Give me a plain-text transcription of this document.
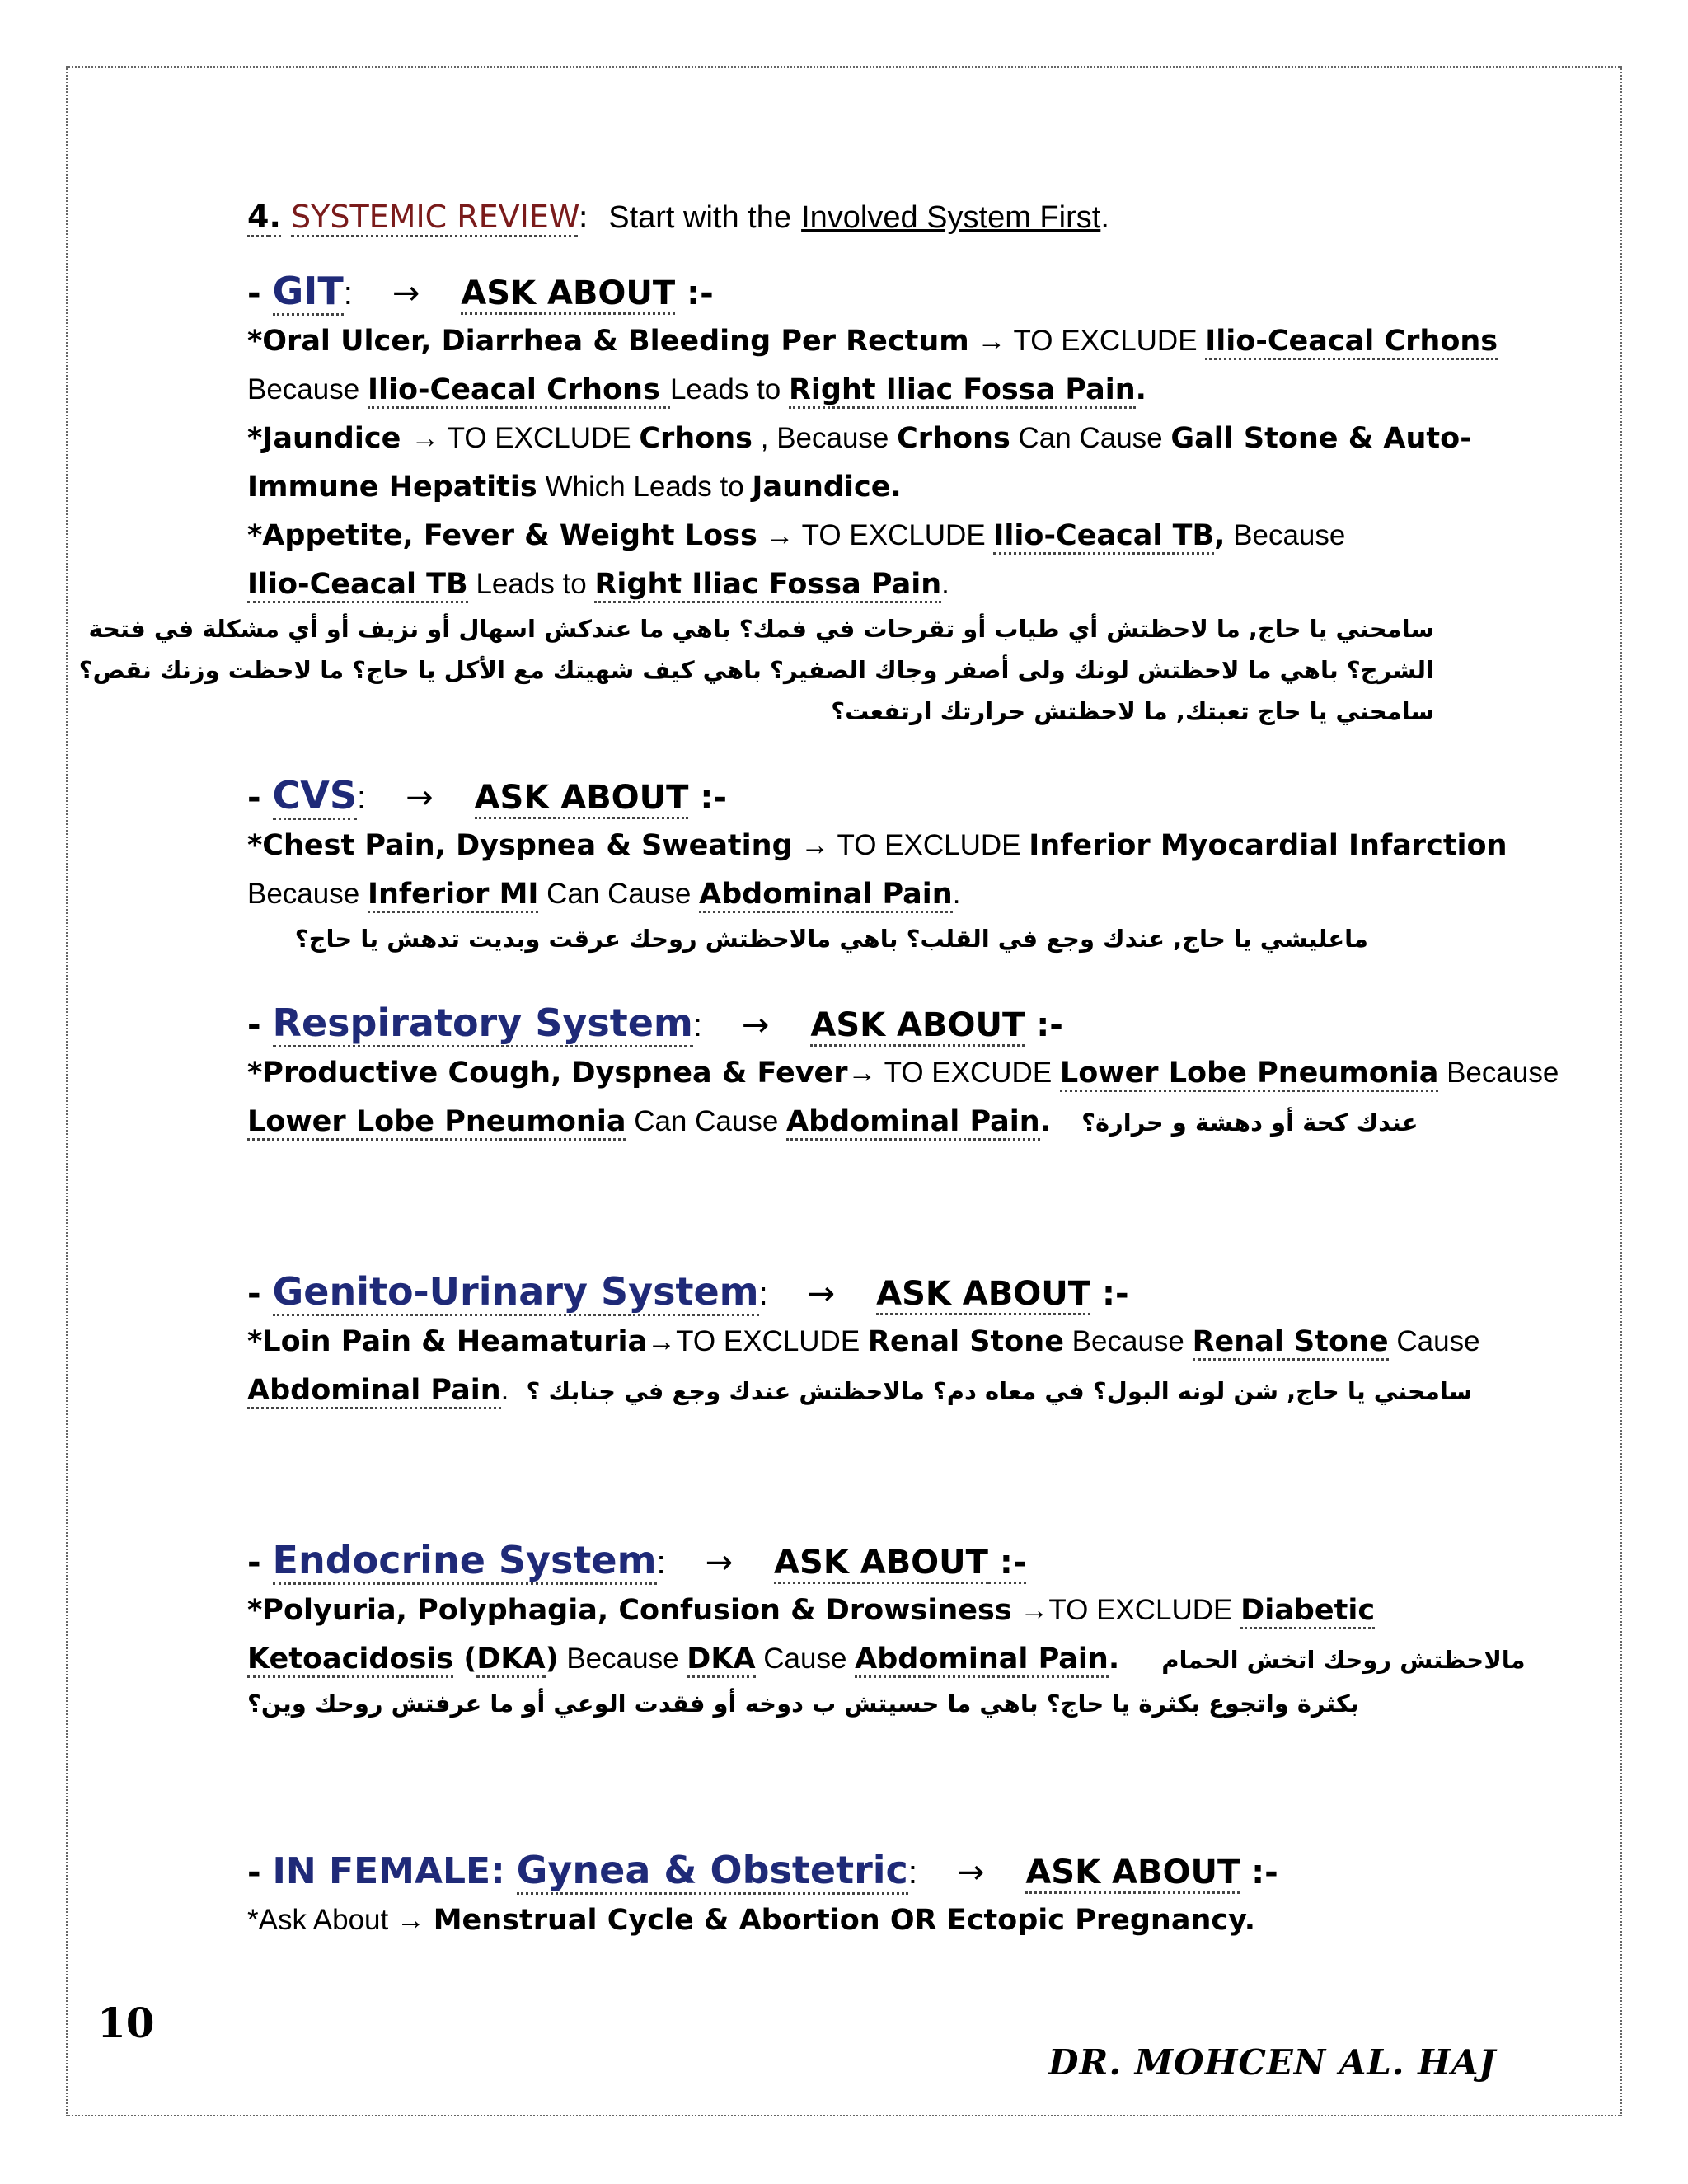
4. SYSTEMIC REVIEW: Start with the Involved System First.
- GIT: → ASK ABOUT :-
*Oral Ulcer, Diarrhea & Bleeding Per Rectum → TO EXCLUDE Ilio-Ceacal Crhons
Because Ilio-Ceacal Crhons Leads to Right Iliac Fossa Pain.
*Jaundice → TO EXCLUDE Crhons , Because Crhons Can Cause Gall Stone & Auto-
Immune Hepatitis Which Leads to Jaundice.
*Appetite, Fever & Weight Loss → TO EXCLUDE Ilio-Ceacal TB, Because
Ilio-Ceacal TB Leads to Right Iliac Fossa Pain.
سامحني يا حاج, ما لاحظتش أي طياب أو تقرحات في فمك؟ باهي ما عندكش اسهال أو نزيف أو أي مشكلة في فتحة
الشرج؟ باهي ما لاحظتش لونك ولى أصفر وجاك الصفير؟ باهي كيف شهيتك مع الأكل يا حاج؟ ما لاحظت وزنك نقص؟
سامحني يا حاج تعبتك, ما لاحظتش حرارتك ارتفعت؟
- CVS: → ASK ABOUT :-
*Chest Pain, Dyspnea & Sweating → TO EXCLUDE Inferior Myocardial Infarction
Because Inferior MI Can Cause Abdominal Pain.
ماعليشي يا حاج, عندك وجع في القلب؟ باهي مالاحظتش روحك عرقت وبديت تدهش يا حاج؟
- Respiratory System: → ASK ABOUT :-
*Productive Cough, Dyspnea & Fever→ TO EXCUDE Lower Lobe Pneumonia Because
Lower Lobe Pneumonia Can Cause Abdominal Pain. عندك كحة أو دهشة و حرارة؟
- Genito-Urinary System: → ASK ABOUT :-
*Loin Pain & Heamaturia→TO EXCLUDE Renal Stone Because Renal Stone Cause
Abdominal Pain. سامحني يا حاج, شن لونه البول؟ في معاه دم؟ مالاحظتش عندك وجع في جنابك ؟
- Endocrine System: → ASK ABOUT :-
*Polyuria, Polyphagia, Confusion & Drowsiness →TO EXCLUDE Diabetic
Ketoacidosis (DKA) Because DKA Cause Abdominal Pain. مالاحظتش روحك اتخش الحمام
بكثرة واتجوع بكثرة يا حاج؟ باهي ما حسيتش ب دوخه أو فقدت الوعي أو ما عرفتش روحك وين؟
- IN FEMALE: Gynea & Obstetric: → ASK ABOUT :-
*Ask About → Menstrual Cycle & Abortion OR Ectopic Pregnancy.
10
DR. MOHCEN AL. HAJ
